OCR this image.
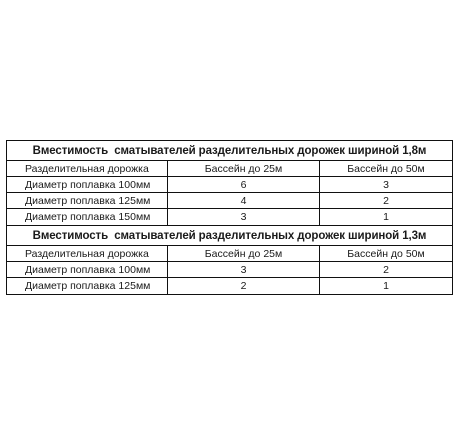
Вместимость  сматывателей разделительных дорожек шириной 1,8м
Разделительная дорожка	Бассейн до 25м	Бассейн до 50м
Диаметр поплавка 100мм	6	3
Диаметр поплавка 125мм	4	2
Диаметр поплавка 150мм	3	1
Вместимость  сматывателей разделительных дорожек шириной 1,3м
Разделительная дорожка	Бассейн до 25м	Бассейн до 50м
Диаметр поплавка 100мм	3	2
Диаметр поплавка 125мм	2	1
